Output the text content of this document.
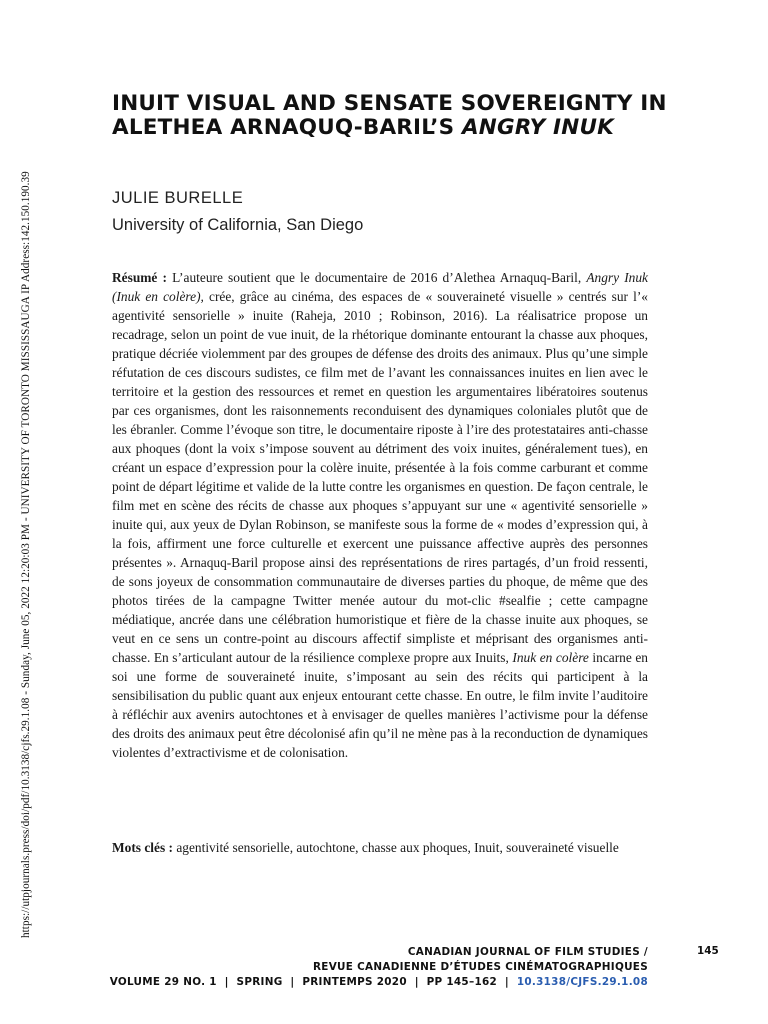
https://utpjournals.press/doi/pdf/10.3138/cjfs.29.1.08 - Sunday, June 05, 2022 12:20:03 PM - UNIVERSITY OF TORONTO MISSISSAUGA IP Address:142.150.190.39
INUIT VISUAL AND SENSATE SOVEREIGNTY IN ALETHEA ARNAQUQ-BARIL’S ANGRY INUK
JULIE BURELLE
University of California, San Diego

Résumé : L’auteure soutient que le documentaire de 2016 d’Alethea Arnaquq-Baril, Angry Inuk (Inuk en colère), crée, grâce au cinéma, des espaces de « souveraineté visuelle » centrés sur l’« agentivité sensorielle » inuite (Raheja, 2010 ; Robinson, 2016). La réalisatrice propose un recadrage, selon un point de vue inuit, de la rhétorique dominante entourant la chasse aux phoques, pratique décriée violemment par des groupes de défense des droits des animaux. Plus qu’une simple réfutation de ces discours sudistes, ce film met de l’avant les connaissances inuites en lien avec le territoire et la gestion des ressources et remet en question les argumentaires libératoires soutenus par ces organismes, dont les raisonnements reconduisent des dynamiques coloniales plutôt que de les ébranler. Comme l’évoque son titre, le documentaire riposte à l’ire des protestataires anti-chasse aux phoques (dont la voix s’impose souvent au détriment des voix inuites, généralement tues), en créant un espace d’expression pour la colère inuite, présentée à la fois comme carburant et comme point de départ légitime et valide de la lutte contre les organismes en question. De façon centrale, le film met en scène des récits de chasse aux phoques s’appuyant sur une « agentivité sensorielle » inuite qui, aux yeux de Dylan Robinson, se manifeste sous la forme de « modes d’expression qui, à la fois, affirment une force culturelle et exercent une puissance affective auprès des personnes présentes ». Arnaquq-Baril propose ainsi des représentations de rires partagés, d’un froid ressenti, de sons joyeux de consommation communautaire de diverses parties du phoque, de même que des photos tirées de la campagne Twitter menée autour du mot-clic #sealfie ; cette campagne médiatique, ancrée dans une célébration humoristique et fière de la chasse inuite aux phoques, se veut en ce sens un contre-point au discours affectif simpliste et méprisant des organismes anti-chasse. En s’articulant autour de la résilience complexe propre aux Inuits, Inuk en colère incarne en soi une forme de souveraineté inuite, s’imposant au sein des récits qui participent à la sensibilisation du public quant aux enjeux entourant cette chasse. En outre, le film invite l’auditoire à réfléchir aux avenirs autochtones et à envisager de quelles manières l’activisme pour la défense des droits des animaux peut être décolonisé afin qu’il ne mène pas à la reconduction de dynamiques violentes d’extractivisme et de colonisation.

Mots clés : agentivité sensorielle, autochtone, chasse aux phoques, Inuit, souveraineté visuelle

CANADIAN JOURNAL OF FILM STUDIES /
REVUE CANADIENNE D’ÉTUDES CINÉMATOGRAPHIQUES
VOLUME 29 NO. 1  |  SPRING  |  PRINTEMPS 2020  |  PP 145–162  |  10.3138/CJFS.29.1.08
145
